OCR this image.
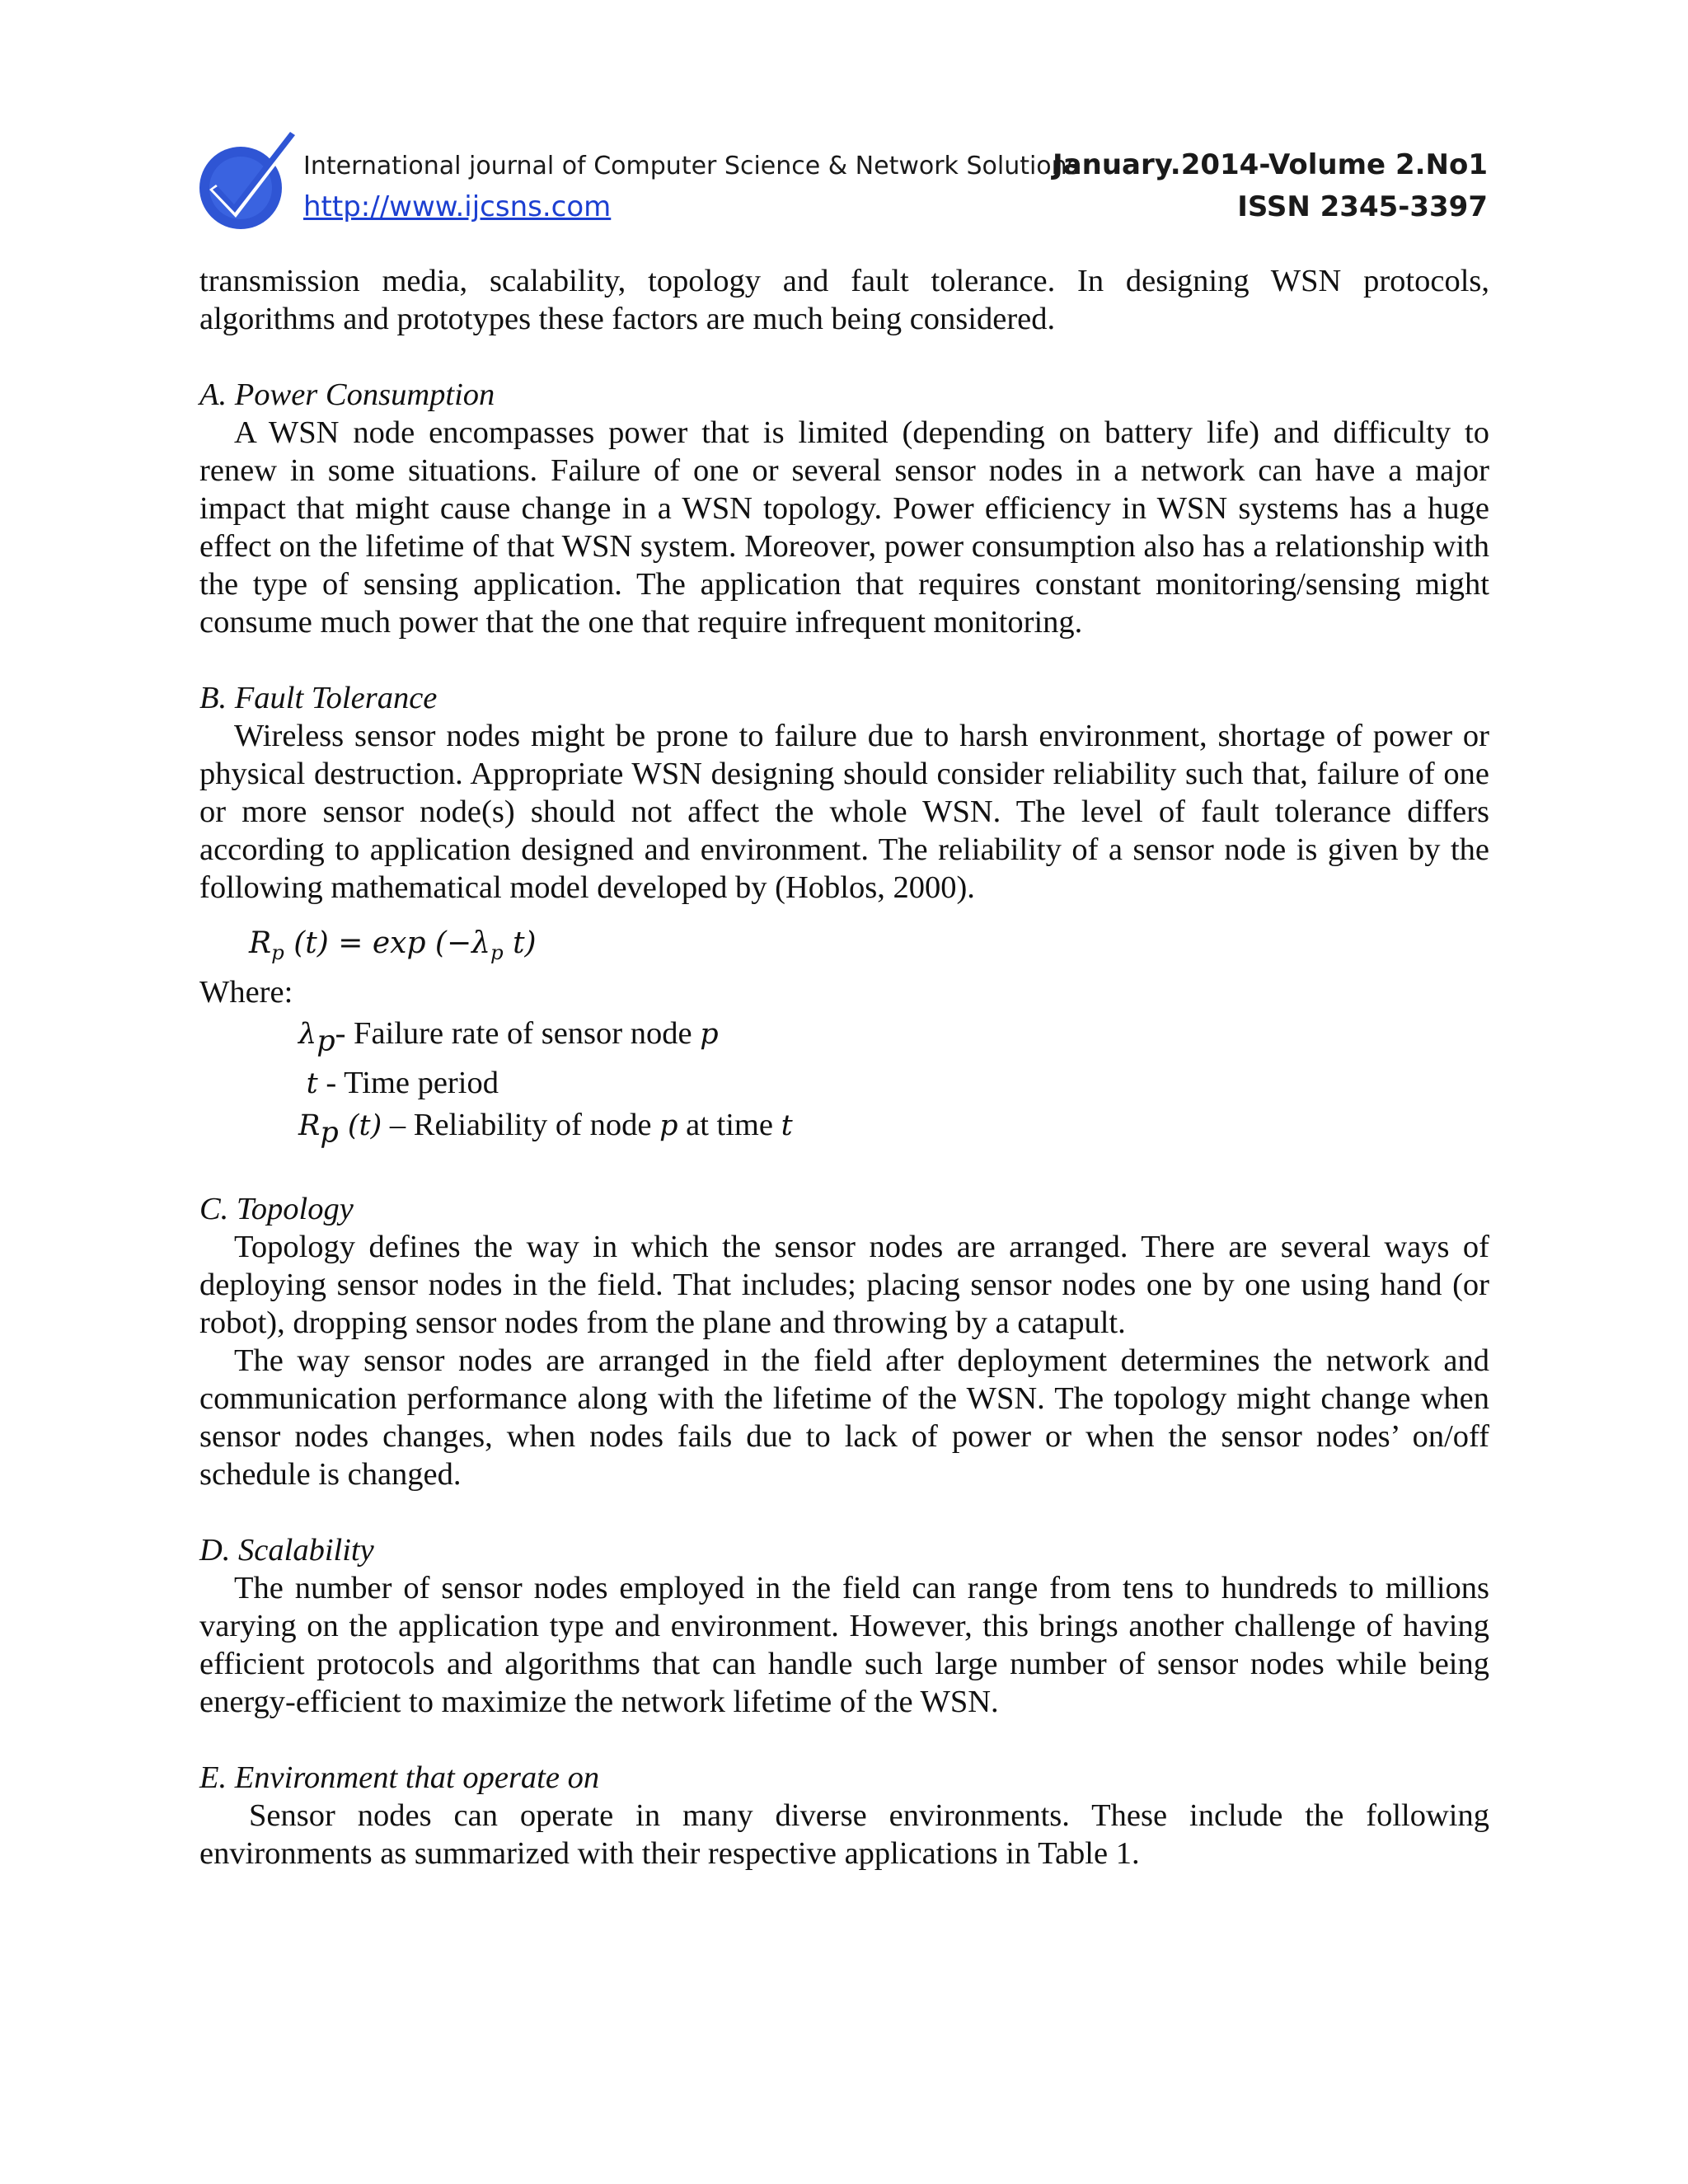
International journal of Computer Science & Network Solutions
http://www.ijcsns.com
January.2014-Volume 2.No1
ISSN 2345-3397

transmission media, scalability, topology and fault tolerance. In designing WSN protocols, algorithms and prototypes these factors are much being considered.

A. Power Consumption

A WSN node encompasses power that is limited (depending on battery life) and difficulty to renew in some situations. Failure of one or several sensor nodes in a network can have a major impact that might cause change in a WSN topology. Power efficiency in WSN systems has a huge effect on the lifetime of that WSN system. Moreover, power consumption also has a relationship with the type of sensing application. The application that requires constant monitoring/sensing might consume much power that the one that require infrequent monitoring.

B. Fault Tolerance

Wireless sensor nodes might be prone to failure due to harsh environment, shortage of power or physical destruction. Appropriate WSN designing should consider reliability such that, failure of one or more sensor node(s) should not affect the whole WSN. The level of fault tolerance differs according to application designed and environment. The reliability of a sensor node is given by the following mathematical model developed by (Hoblos, 2000).

$R_p$ $(t) = \exp (-\lambda_p$ t)

Where:

$\lambda_p-$ Failure rate of sensor node p

t - Time period

$R_p$ (t) – Reliability of node p at time t

C. Topology

Topology defines the way in which the sensor nodes are arranged. There are several ways of deploying sensor nodes in the field. That includes; placing sensor nodes one by one using hand (or robot), dropping sensor nodes from the plane and throwing by a catapult.

The way sensor nodes are arranged in the field after deployment determines the network and communication performance along with the lifetime of the WSN. The topology might change when sensor nodes changes, when nodes fails due to lack of power or when the sensor nodes’ on/off schedule is changed.

D. Scalability

The number of sensor nodes employed in the field can range from tens to hundreds to millions varying on the application type and environment. However, this brings another challenge of having efficient protocols and algorithms that can handle such large number of sensor nodes while being energy-efficient to maximize the network lifetime of the WSN.

E. Environment that operate on

Sensor nodes can operate in many diverse environments. These include the following environments as summarized with their respective applications in Table 1.
